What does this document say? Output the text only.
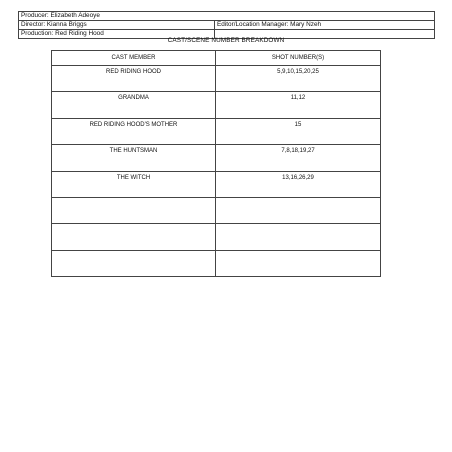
Producer: Elizabeth Adeoye	
Director: Kianna Briggs	Editor/Location Manager: Mary Nzeh
Production: Red Riding Hood	
CAST/SCENE NUMBER BREAKDOWN
CAST MEMBER	SHOT NUMBER(S)
RED RIDING HOOD	5,9,10,15,20,25
GRANDMA	11,12
RED RIDING HOOD'S MOTHER	15
THE HUNTSMAN	7,8,18,19,27
THE WITCH	13,16,26,29
